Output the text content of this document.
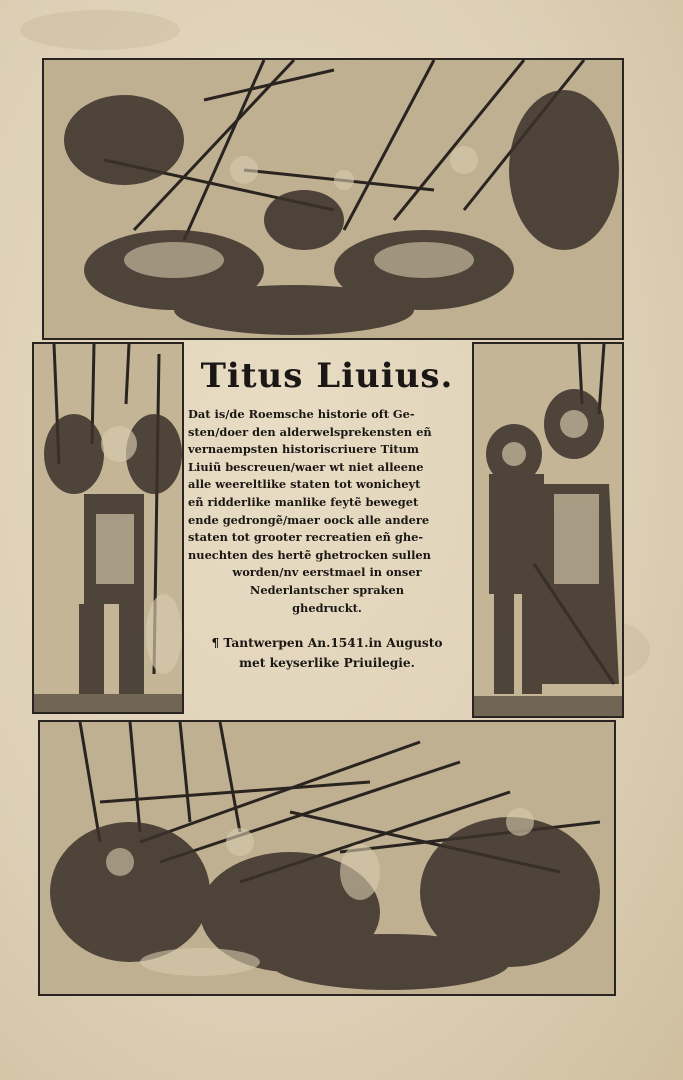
Titus Liuius.
Dat is/de Roemsche historie oft Ge-
sten/doer den alderwelsprekensten eñ
vernaempsten historiscriuere Titum
Liuiũ bescreuen/waer wt niet alleene
alle weereltlike staten tot wonicheyt
eñ ridderlike manlike feytẽ beweget
ende gedrongẽ/maer oock alle andere
staten tot grooter recreatien eñ ghe-
nuechten des hertẽ ghetrocken sullen
worden/nv eerstmael in onser
Nederlantscher spraken
ghedruckt.
¶ Tantwerpen An.1541.in Augusto
met keyserlike Priuilegie.
